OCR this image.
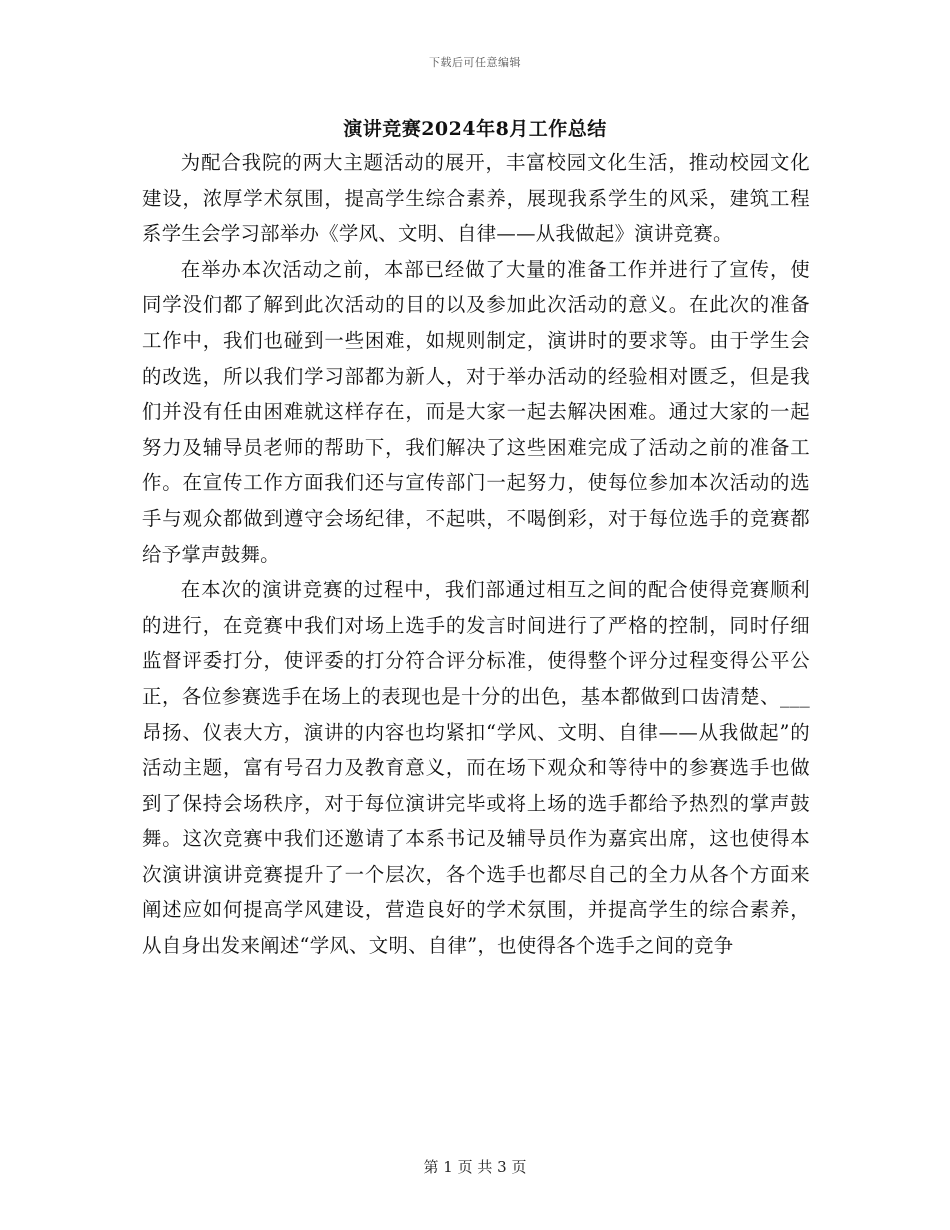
下载后可任意编辑
演讲竞赛2024年8月工作总结

为配合我院的两大主题活动的展开，丰富校园文化生活，推动校园文化建设，浓厚学术氛围，提高学生综合素养，展现我系学生的风采，建筑工程系学生会学习部举办《学风、文明、自律——从我做起》演讲竞赛。

在举办本次活动之前，本部已经做了大量的准备工作并进行了宣传，使同学没们都了解到此次活动的目的以及参加此次活动的意义。在此次的准备工作中，我们也碰到一些困难，如规则制定，演讲时的要求等。由于学生会的改选，所以我们学习部都为新人，对于举办活动的经验相对匮乏，但是我们并没有任由困难就这样存在，而是大家一起去解决困难。通过大家的一起努力及辅导员老师的帮助下，我们解决了这些困难完成了活动之前的准备工作。在宣传工作方面我们还与宣传部门一起努力，使每位参加本次活动的选手与观众都做到遵守会场纪律，不起哄，不喝倒彩，对于每位选手的竞赛都给予掌声鼓舞。

在本次的演讲竞赛的过程中，我们部通过相互之间的配合使得竞赛顺利的进行，在竞赛中我们对场上选手的发言时间进行了严格的控制，同时仔细监督评委打分，使评委的打分符合评分标准，使得整个评分过程变得公平公正，各位参赛选手在场上的表现也是十分的出色，基本都做到口齿清楚、___昂扬、仪表大方，演讲的内容也均紧扣“学风、文明、自律——从我做起”的活动主题，富有号召力及教育意义，而在场下观众和等待中的参赛选手也做到了保持会场秩序，对于每位演讲完毕或将上场的选手都给予热烈的掌声鼓舞。这次竞赛中我们还邀请了本系书记及辅导员作为嘉宾出席，这也使得本次演讲演讲竞赛提升了一个层次，各个选手也都尽自己的全力从各个方面来阐述应如何提高学风建设，营造良好的学术氛围，并提高学生的综合素养，从自身出发来阐述“学风、文明、自律”，也使得各个选手之间的竞争

第 1 页 共 3 页
